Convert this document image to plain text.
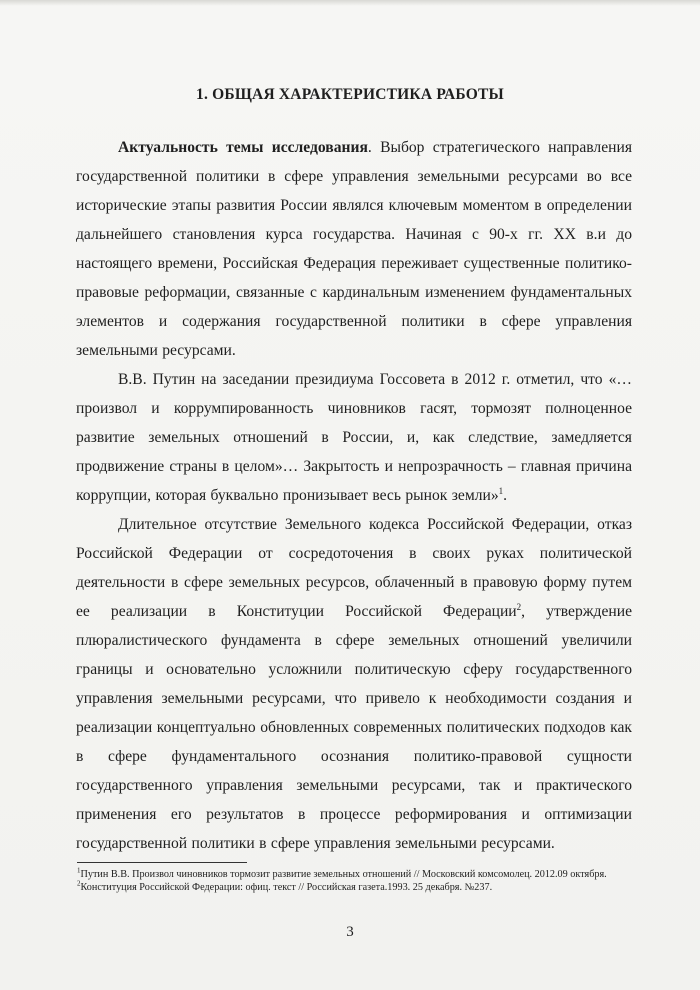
1. ОБЩАЯ ХАРАКТЕРИСТИКА РАБОТЫ

Актуальность темы исследования. Выбор стратегического направления государственной политики в сфере управления земельными ресурсами во все исторические этапы развития России являлся ключевым моментом в определении дальнейшего становления курса государства. Начиная с 90-х гг. XX в.и до настоящего времени, Российская Федерация переживает существенные политико-правовые реформации, связанные с кардинальным изменением фундаментальных элементов и содержания государственной политики в сфере управления земельными ресурсами.

В.В. Путин на заседании президиума Госсовета в 2012 г. отметил, что «… произвол и коррумпированность чиновников гасят, тормозят полноценное развитие земельных отношений в России, и, как следствие, замедляется продвижение страны в целом»… Закрытость и непрозрачность – главная причина коррупции, которая буквально пронизывает весь рынок земли»$^1$.

Длительное отсутствие Земельного кодекса Российской Федерации, отказ Российской Федерации от сосредоточения в своих руках политической деятельности в сфере земельных ресурсов, облаченный в правовую форму путем ее реализации в Конституции Российской Федерации$^2$, утверждение плюралистического фундамента в сфере земельных отношений увеличили границы и основательно усложнили политическую сферу государственного управления земельными ресурсами, что привело к необходимости создания и реализации концептуально обновленных современных политических подходов как в сфере фундаментального осознания политико-правовой сущности государственного управления земельными ресурсами, так и практического применения его результатов в процессе реформирования и оптимизации государственной политики в сфере управления земельными ресурсами.

$^1$Путин В.В. Произвол чиновников тормозит развитие земельных отношений // Московский комсомолец. 2012.09 октября.

$^2$Конституция Российской Федерации: офиц. текст // Российская газета.1993. 25 декабря. №237.

3
